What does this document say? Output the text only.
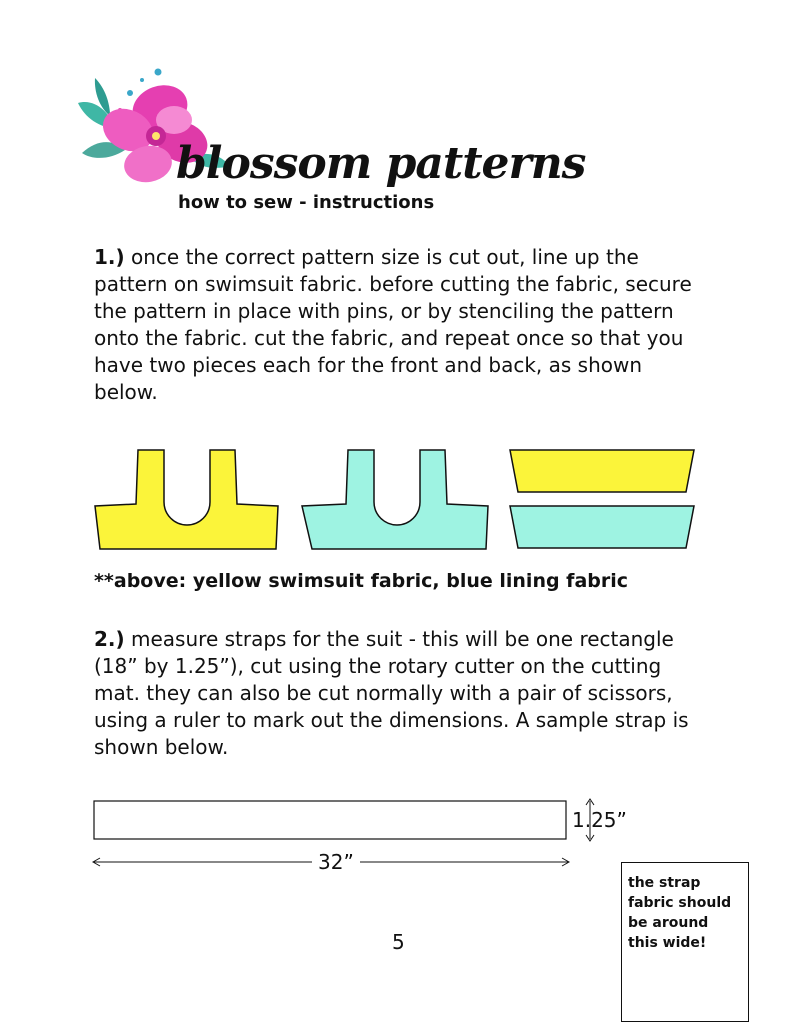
blossom patterns
how to sew - instructions
1.) once the correct pattern size is cut out, line up the pattern on swimsuit fabric. before cutting the fabric, secure the pattern in place with pins, or by stenciling the pattern onto the fabric. cut the fabric, and repeat once so that you have two pieces each for the front and back, as shown below.
**above: yellow swimsuit fabric, blue lining fabric
2.) measure straps for the suit - this will be one rectangle (18” by 1.25”), cut using the rotary cutter on the cutting mat. they can also be cut normally with a pair of scissors, using a ruler to mark out the dimensions. A sample strap is shown below.
1.25”
32”
the strap fabric should be around this wide!
5
